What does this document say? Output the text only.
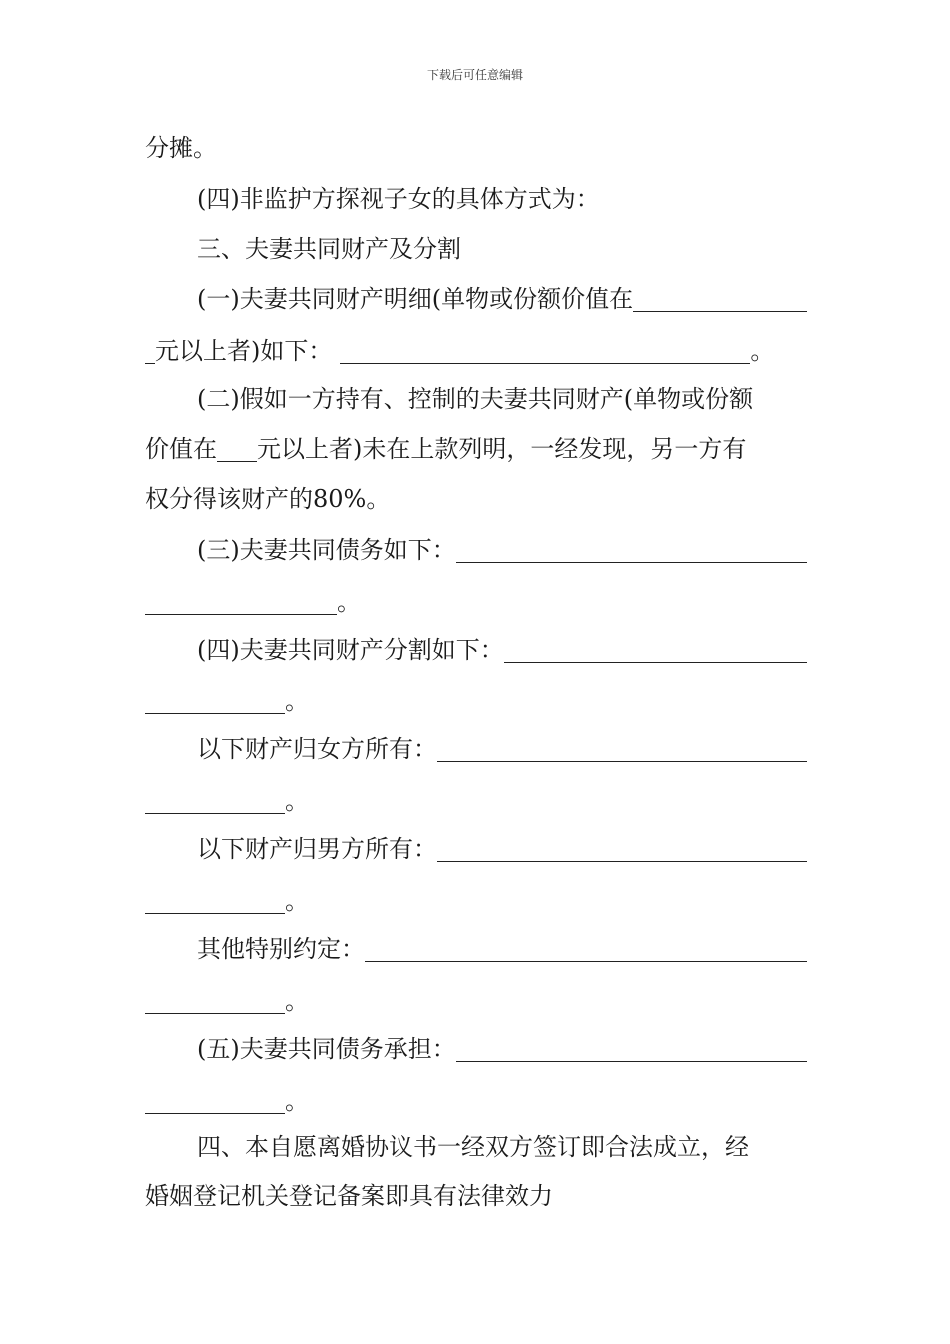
下载后可任意编辑
分摊。
(四)非监护方探视子女的具体方式为：
三、夫妻共同财产及分割
(一)夫妻共同财产明细(单物或份额价值在
元以上者)如下：	。
(二)假如一方持有、控制的夫妻共同财产(单物或份额
价值在 元以上者)未在上款列明，一经发现，另一方有
权分得该财产的80%。
(三)夫妻共同债务如下：
。
(四)夫妻共同财产分割如下：
。
以下财产归女方所有：
。
以下财产归男方所有：
。
其他特别约定：
。
(五)夫妻共同债务承担：
。
四、本自愿离婚协议书一经双方签订即合法成立，经
婚姻登记机关登记备案即具有法律效力
